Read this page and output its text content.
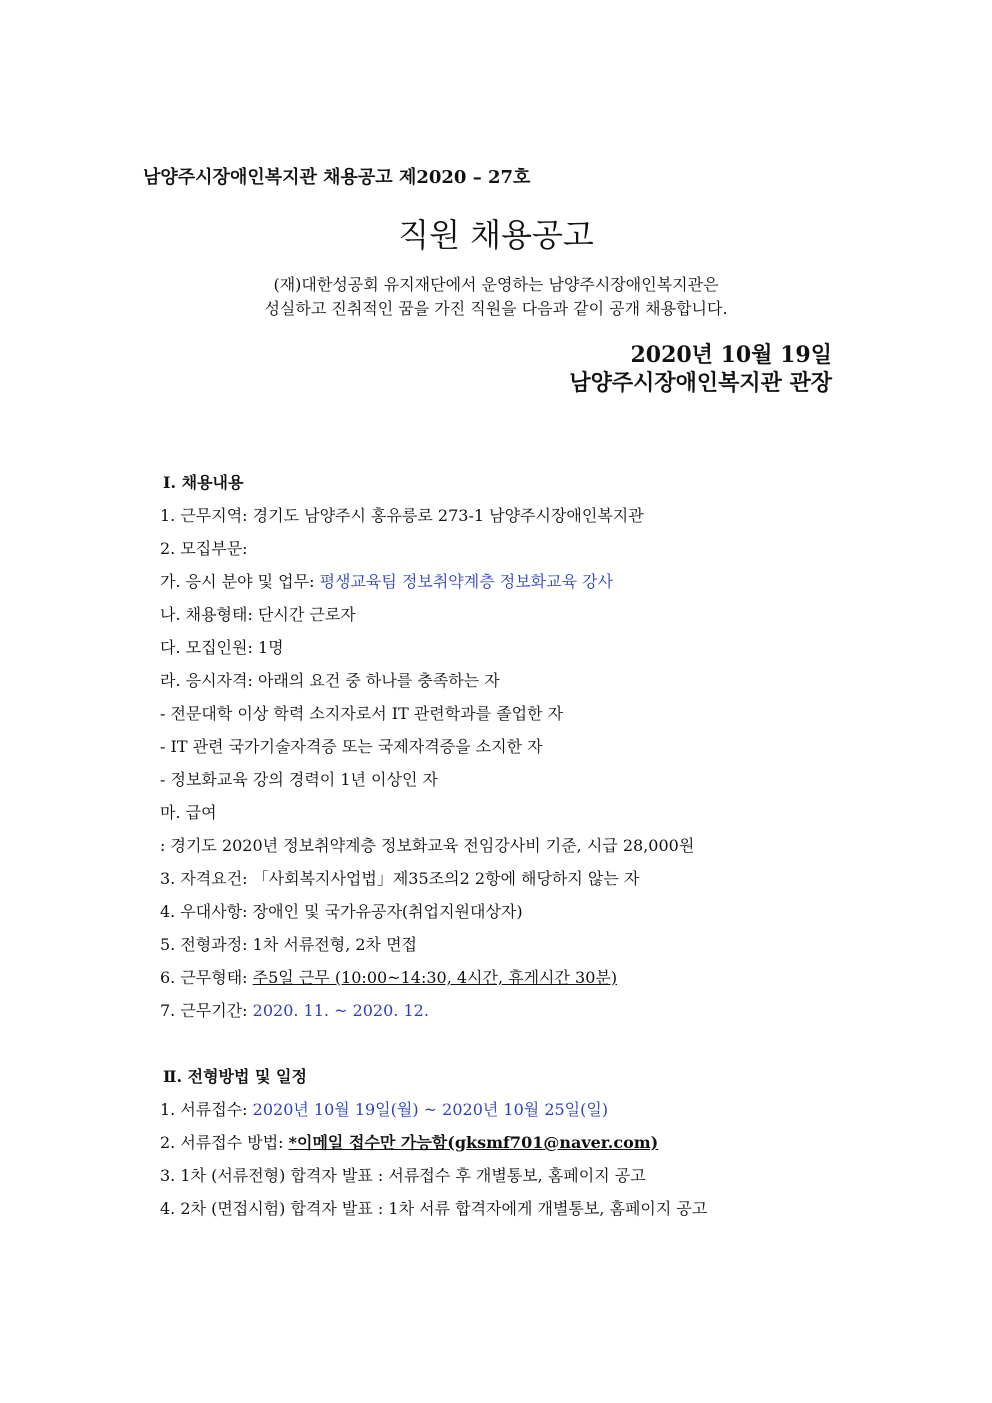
남양주시장애인복지관 채용공고 제2020 – 27호
직원 채용공고
(재)대한성공회 유지재단에서 운영하는 남양주시장애인복지관은
성실하고 진취적인 꿈을 가진 직원을 다음과 같이 공개 채용합니다.
2020년 10월 19일
남양주시장애인복지관 관장
Ⅰ. 채용내용
1. 근무지역: 경기도 남양주시 홍유릉로 273-1 남양주시장애인복지관
2. 모집부문:
가. 응시 분야 및 업무: 평생교육팀 정보취약계층 정보화교육 강사
나. 채용형태: 단시간 근로자
다. 모집인원: 1명
라. 응시자격: 아래의 요건 중 하나를 충족하는 자
- 전문대학 이상 학력 소지자로서 IT 관련학과를 졸업한 자
- IT 관련 국가기술자격증 또는 국제자격증을 소지한 자
- 정보화교육 강의 경력이 1년 이상인 자
마. 급여
: 경기도 2020년 정보취약계층 정보화교육 전임강사비 기준, 시급 28,000원
3. 자격요건: 「사회복지사업법」제35조의2 2항에 해당하지 않는 자
4. 우대사항: 장애인 및 국가유공자(취업지원대상자)
5. 전형과정: 1차 서류전형, 2차 면접
6. 근무형태: 주5일 근무 (10:00~14:30, 4시간, 휴게시간 30분)
7. 근무기간: 2020. 11. ~ 2020. 12.
Ⅱ. 전형방법 및 일정
1. 서류접수: 2020년 10월 19일(월) ~ 2020년 10월 25일(일)
2. 서류접수 방법: *이메일 접수만 가능함(gksmf701@naver.com)
3. 1차 (서류전형) 합격자 발표 : 서류접수 후 개별통보, 홈페이지 공고
4. 2차 (면접시험) 합격자 발표 : 1차 서류 합격자에게 개별통보, 홈페이지 공고
